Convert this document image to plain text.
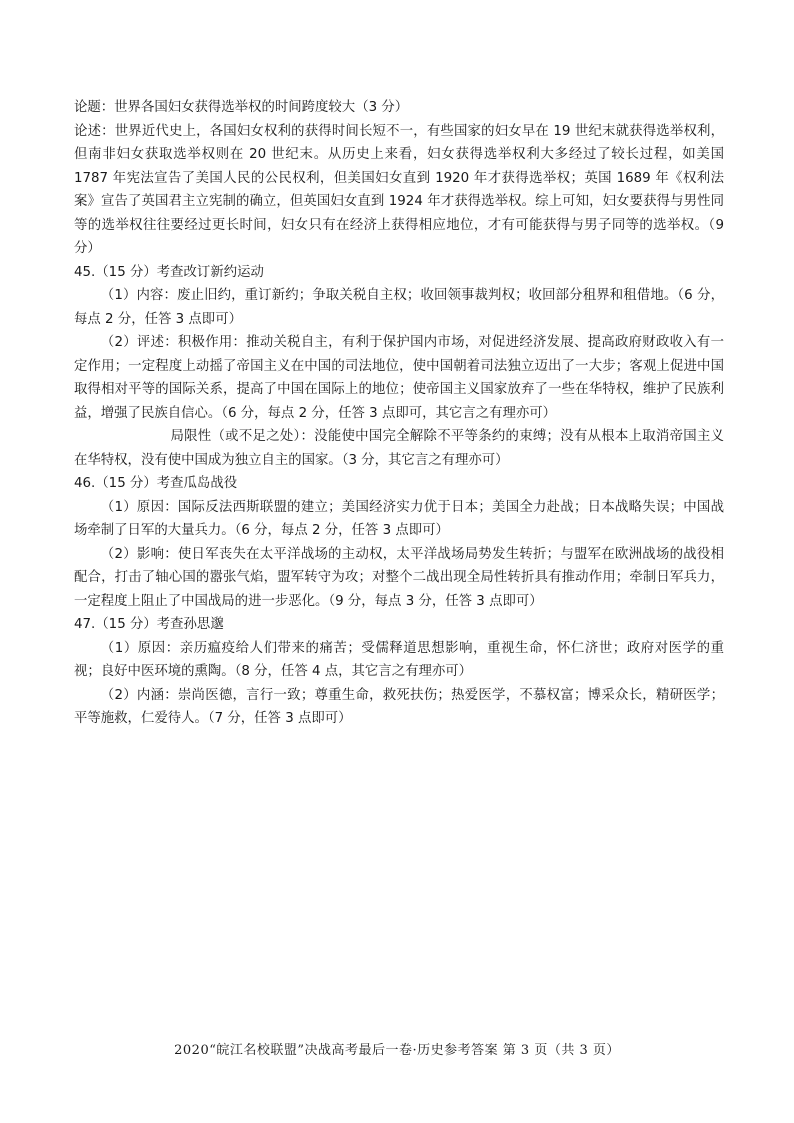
论题：世界各国妇女获得选举权的时间跨度较大（3 分）

论述：世界近代史上，各国妇女权利的获得时间长短不一，有些国家的妇女早在 19 世纪末就获得选举权利，但南非妇女获取选举权则在 20 世纪末。从历史上来看，妇女获得选举权利大多经过了较长过程，如美国 1787 年宪法宣告了美国人民的公民权利，但美国妇女直到 1920 年才获得选举权；英国 1689 年《权利法案》宣告了英国君主立宪制的确立，但英国妇女直到 1924 年才获得选举权。综上可知，妇女要获得与男性同等的选举权往往要经过更长时间，妇女只有在经济上获得相应地位，才有可能获得与男子同等的选举权。（9 分）

45.（15 分）考查改订新约运动

（1）内容：废止旧约，重订新约；争取关税自主权；收回领事裁判权；收回部分租界和租借地。（6 分，每点 2 分，任答 3 点即可）

（2）评述：积极作用：推动关税自主，有利于保护国内市场，对促进经济发展、提高政府财政收入有一定作用；一定程度上动摇了帝国主义在中国的司法地位，使中国朝着司法独立迈出了一大步；客观上促进中国取得相对平等的国际关系，提高了中国在国际上的地位；使帝国主义国家放弃了一些在华特权，维护了民族利益，增强了民族自信心。（6 分，每点 2 分，任答 3 点即可，其它言之有理亦可）

局限性（或不足之处）：没能使中国完全解除不平等条约的束缚；没有从根本上取消帝国主义在华特权，没有使中国成为独立自主的国家。（3 分，其它言之有理亦可）

46.（15 分）考查瓜岛战役

（1）原因：国际反法西斯联盟的建立；美国经济实力优于日本；美国全力赴战；日本战略失误；中国战场牵制了日军的大量兵力。（6 分，每点 2 分，任答 3 点即可）

（2）影响：使日军丧失在太平洋战场的主动权，太平洋战场局势发生转折；与盟军在欧洲战场的战役相配合，打击了轴心国的嚣张气焰，盟军转守为攻；对整个二战出现全局性转折具有推动作用；牵制日军兵力，一定程度上阻止了中国战局的进一步恶化。（9 分，每点 3 分，任答 3 点即可）

47.（15 分）考查孙思邈

（1）原因：亲历瘟疫给人们带来的痛苦；受儒释道思想影响，重视生命，怀仁济世；政府对医学的重视；良好中医环境的熏陶。（8 分，任答 4 点，其它言之有理亦可）

（2）内涵：崇尚医德，言行一致；尊重生命，救死扶伤；热爱医学，不慕权富；博采众长，精研医学；平等施救，仁爱待人。（7 分，任答 3 点即可）

2020“皖江名校联盟”决战高考最后一卷·历史参考答案 第 3 页（共 3 页）
